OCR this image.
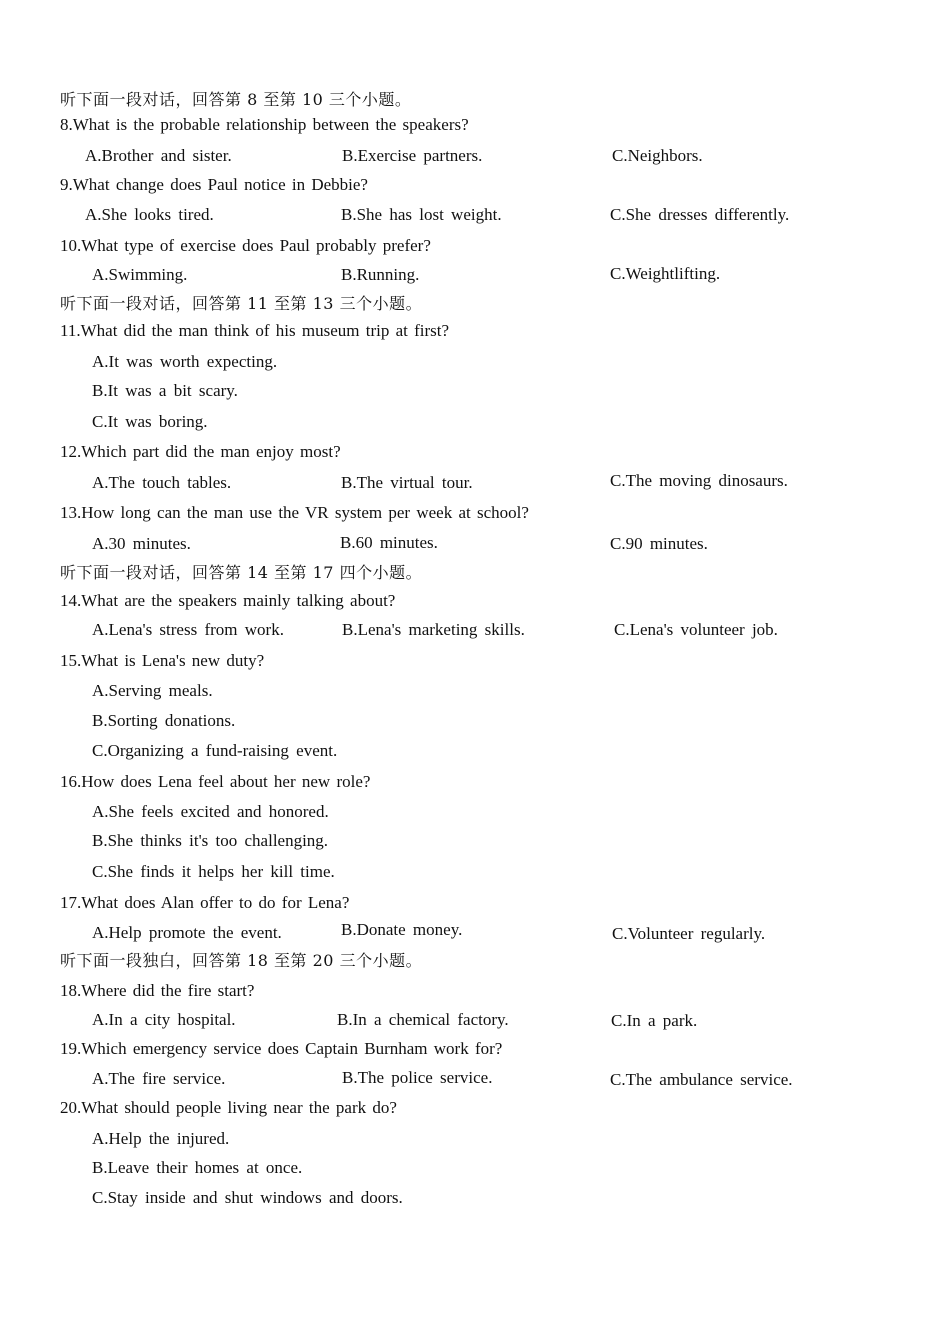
听下面一段对话，回答第 8 至第 10 三个小题。
8.What is the probable relationship between the speakers?
A.Brother and sister.	B.Exercise partners.	C.Neighbors.
9.What change does Paul notice in Debbie?
A.She looks tired.	B.She has lost weight.	C.She dresses differently.
10.What type of exercise does Paul probably prefer?
A.Swimming.	B.Running.	C.Weightlifting.
听下面一段对话，回答第 11 至第 13 三个小题。
11.What did the man think of his museum trip at first?
A.It was worth expecting.
B.It was a bit scary.
C.It was boring.
12.Which part did the man enjoy most?
A.The touch tables.	B.The virtual tour.	C.The moving dinosaurs.
13.How long can the man use the VR system per week at school?
A.30 minutes.	B.60 minutes.	C.90 minutes.
听下面一段对话，回答第 14 至第 17 四个小题。
14.What are the speakers mainly talking about?
A.Lena's stress from work.	B.Lena's marketing skills.	C.Lena's volunteer job.
15.What is Lena's new duty?
A.Serving meals.
B.Sorting donations.
C.Organizing a fund-raising event.
16.How does Lena feel about her new role?
A.She feels excited and honored.
B.She thinks it's too challenging.
C.She finds it helps her kill time.
17.What does Alan offer to do for Lena?
A.Help promote the event.	B.Donate money.	C.Volunteer regularly.
听下面一段独白，回答第 18 至第 20 三个小题。
18.Where did the fire start?
A.In a city hospital.	B.In a chemical factory.	C.In a park.
19.Which emergency service does Captain Burnham work for?
A.The fire service.	B.The police service.	C.The ambulance service.
20.What should people living near the park do?
A.Help the injured.
B.Leave their homes at once.
C.Stay inside and shut windows and doors.
